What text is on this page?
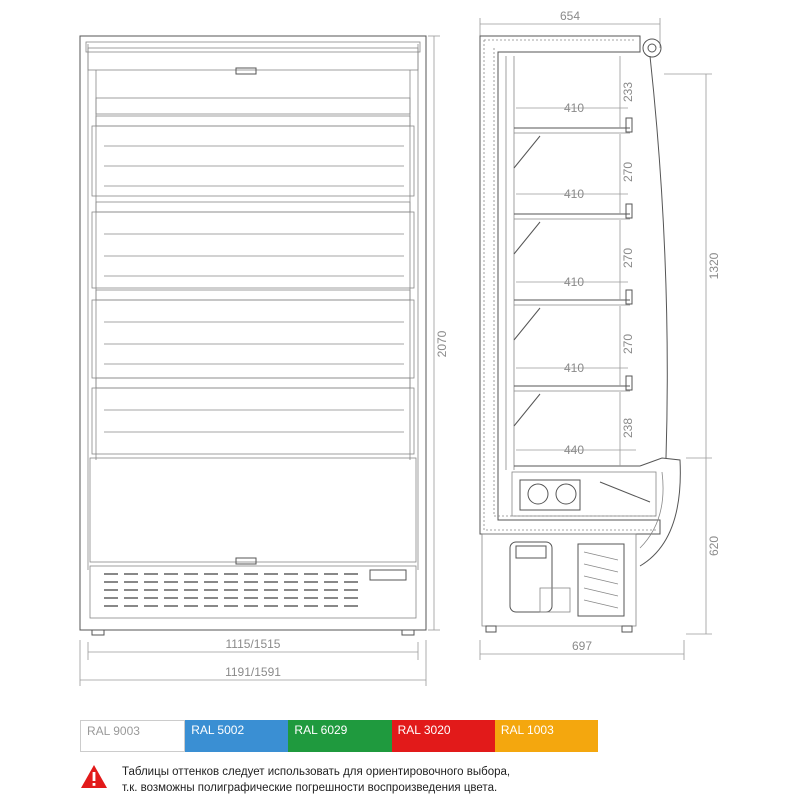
2070
1115/1515
1191/1591
654
410
410
410
410
440
233
270
270
270
238
1320
620
697
RAL 9003	RAL 5002	RAL 6029	RAL 3020	RAL 1003
Таблицы оттенков следует использовать для ориентировочного выбора,
т.к. возможны полиграфические погрешности воспроизведения цвета.
